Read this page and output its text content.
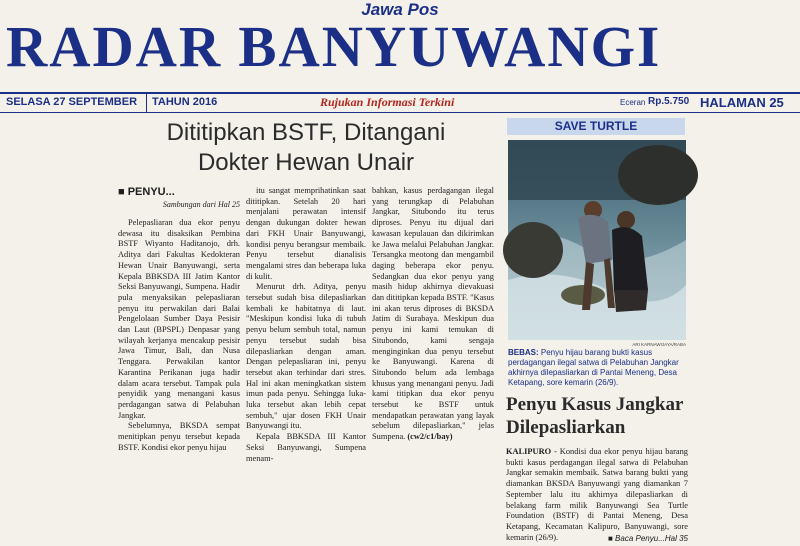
Jawa Pos
RADAR BANYUWANGI
SELASA 27 SEPTEMBER TAHUN 2016	Rujukan Informasi Terkini	Eceran Rp.5.750 HALAMAN 25
Dititipkan BSTF, Ditangani
Dokter Hewan Unair
■ PENYU...
Sambungan dari Hal 25

Pelepasliaran dua ekor penyu dewasa itu disaksikan Pembina BSTF Wiyanto Haditanojo, drh. Aditya dari Fakultas Kedokteran Hewan Unair Banyuwangi, serta Kepala BBKSDA III Jatim Kantor Seksi Banyuwangi, Sumpena. Hadir pula menyaksikan pelepasliaran penyu itu perwakilan dari Balai Pengelolaan Sumber Daya Pesisir dan Laut (BPSPL) Denpasar yang wilayah kerjanya mencakup pesisir Jawa Timur, Bali, dan Nusa Tenggara. Perwakilan kantor Karantina Perikanan juga hadir dalam acara tersebut. Tampak pula penyidik yang menangani kasus perdagangan satwa di Pelabuhan Jangkar.

Sebelumnya, BKSDA sempat menitipkan penyu tersebut kepada BSTF. Kondisi ekor penyu hijau

itu sangat memprihatinkan saat dititipkan. Setelah 20 hari menjalani perawatan intensif dengan dukungan dokter hewan dari FKH Unair Banyuwangi, kondisi penyu berangsur membaik. Penyu tersebut dianalisis mengalami stres dan beberapa luka di kulit.

Menurut drh. Aditya, penyu tersebut sudah bisa dilepasliarkan kembali ke habitatnya di laut. "Meskipun kondisi luka di tubuh penyu belum sembuh total, namun penyu tersebut sudah bisa dilepasliarkan dengan aman. Dengan pelepasliaran ini, penyu tersebut akan terhindar dari stres. Hal ini akan meningkatkan sistem imun pada penyu. Sehingga luka-luka tersebut akan lebih cepat sembuh," ujar dosen FKH Unair Banyuwangi itu.

Kepala BBKSDA III Kantor Seksi Banyuwangi, Sumpena menam-

bahkan, kasus perdagangan ilegal yang terungkap di Pelabuhan Jangkar, Situbondo itu terus diproses. Penyu itu dijual dari kawasan kepulauan dan dikirimkan ke Jawa melalui Pelabuhan Jangkar. Tersangka meotong dan mengambil daging beberapa ekor penyu. Sedangkan dua ekor penyu yang masih hidup akhirnya dievakuasi dan dititipkan kepada BSTF. "Kasus ini akan terus diproses di BKSDA Jatim di Surabaya. Meskipun dua penyu ini kami temukan di Situbondo, kami sengaja menginginkan dua penyu tersebut ke Banyuwangi. Karena di Situbondo belum ada lembaga khusus yang menangani penyu. Jadi kami titipkan dua ekor penyu tersebut ke BSTF untuk mendapatkan perawatan yang layak sebelum dilepasliarkan," jelas Sumpena. (cw2/c1/bay)

SAVE TURTLE
ARI KARNAWIJAYA/RABA
BEBAS: Penyu hijau barang bukti kasus perdagangan ilegal satwa di Pelabuhan Jangkar akhirnya dilepasliarkan di Pantai Meneng, Desa Ketapang, sore kemarin (26/9).
Penyu Kasus Jangkar Dilepasliarkan
KALIPURO - Kondisi dua ekor penyu hijau barang bukti kasus perdagangan ilegal satwa di Pelabuhan Jangkar semakin membaik. Satwa barang bukti yang diamankan BKSDA Banyuwangi yang diamankan 7 September lalu itu akhirnya dilepasliarkan di belakang farm milik Banyuwangi Sea Turtle Foundation (BSTF) di Pantai Meneng, Desa Ketapang, Kecamatan Kalipuro, Banyuwangi, sore kemarin (26/9).	■ Baca Penyu...Hal 35
